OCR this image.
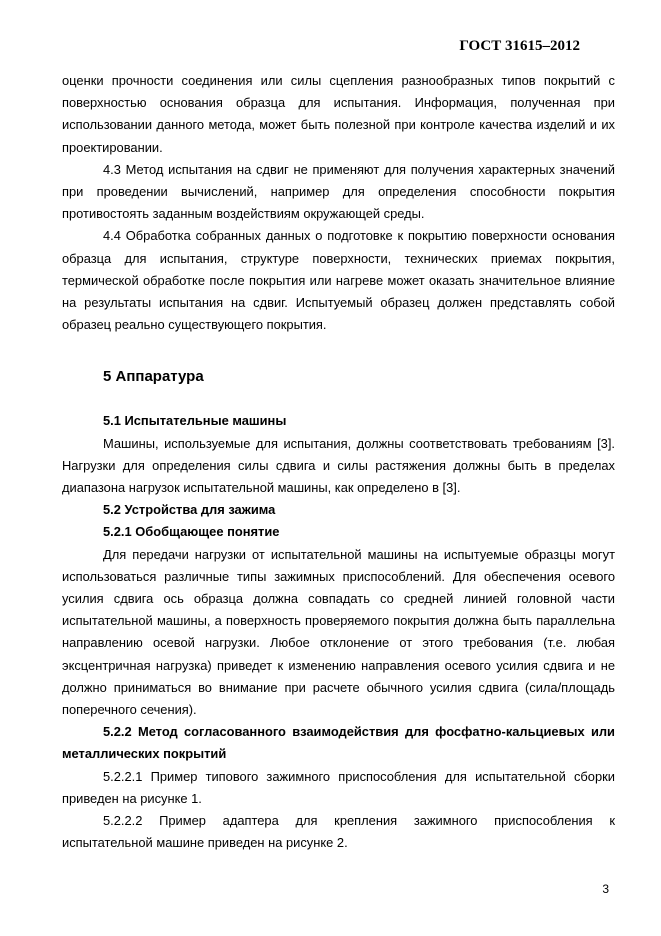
ГОСТ 31615–2012

оценки прочности соединения или силы сцепления разнообразных типов покрытий с поверхностью основания образца для испытания. Информация, полученная при использовании данного метода, может быть полезной при контроле качества изделий и их проектировании.

4.3 Метод испытания на сдвиг не применяют для получения характерных значений при проведении вычислений, например для определения способности покрытия противостоять заданным воздействиям окружающей среды.

4.4 Обработка собранных данных о подготовке к покрытию поверхности основания образца для испытания, структуре поверхности, технических приемах покрытия, термической обработке после покрытия или нагреве может оказать значительное влияние на результаты испытания на сдвиг. Испытуемый образец должен представлять собой образец реально существующего покрытия.

5 Аппаратура

5.1 Испытательные машины

Машины, используемые для испытания, должны соответствовать требованиям [3]. Нагрузки для определения силы сдвига и силы растяжения должны быть в пределах диапазона нагрузок испытательной машины, как определено в [3].

5.2 Устройства для зажима

5.2.1 Обобщающее понятие

Для передачи нагрузки от испытательной машины на испытуемые образцы могут использоваться различные типы зажимных приспособлений. Для обеспечения осевого усилия сдвига ось образца должна совпадать со средней линией головной части испытательной машины, а поверхность проверяемого покрытия должна быть параллельна направлению осевой нагрузки. Любое отклонение от этого требования (т.е. любая эксцентричная нагрузка) приведет к изменению направления осевого усилия сдвига и не должно приниматься во внимание при расчете обычного усилия сдвига (сила/площадь поперечного сечения).

5.2.2 Метод согласованного взаимодействия для фосфатно-кальциевых или металлических покрытий

5.2.2.1 Пример типового зажимного приспособления для испытательной сборки приведен на рисунке 1.

5.2.2.2 Пример адаптера для крепления зажимного приспособления к испытательной машине приведен на рисунке 2.

3
